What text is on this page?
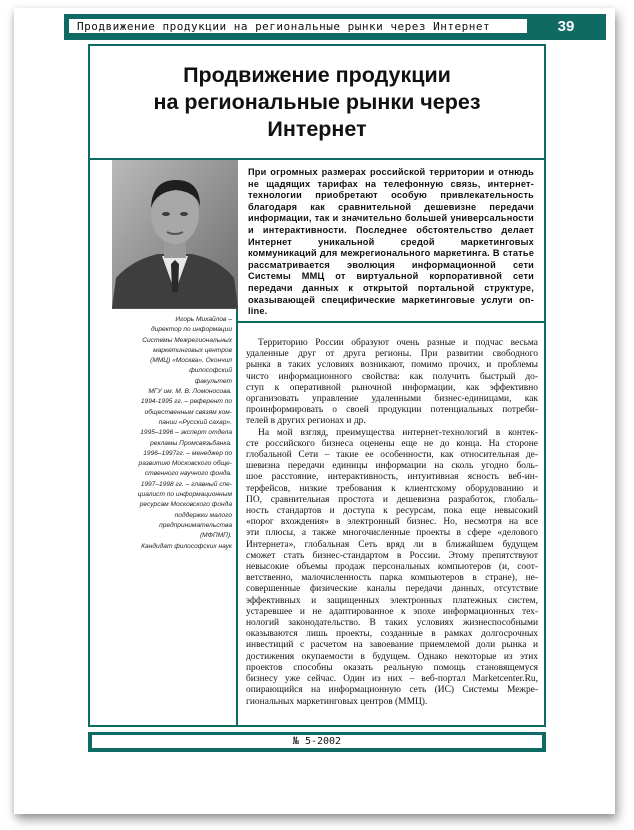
Продвижение продукции на региональные рынки через Интернет	39
Продвижение продукции
на региональные рынки через
Интернет
При огромных размерах российской территории и отнюдь не щадящих тарифах на телефонную связь, интернет-технологии приобретают особую привлекательность благодаря как сравнительной дешевизне передачи информации, так и значительно большей универсальности и интерактивности. Последнее обстоятельство делает Интернет уникальной средой маркетинговых коммуникаций для межрегионального маркетинга. В статье рассматривается эволюция информационной сети Системы ММЦ от виртуальной корпоративной сети передачи данных к открытой портальной структуре, оказывающей специфические маркетинговые услуги on-line.
Игорь Михайлов –
директор по информации
Системы Межрегиональных
маркетинговых центров
(ММЦ) «Москва». Окончил
философский
факультет
МГУ им. М. В. Ломоносова.
1994-1995 гг. – референт по
общественным связям ком-
пании «Русский сахар».
1995–1996 – эксперт отдела
рекламы Промсвязьбанка.
1996–1997гг. – менеджер по
развитию Московского обще-
ственного научного фонда.
1997–1998 гг. – главный спе-
циалист по информационным
ресурсам Московского фонда
поддержки малого
предпринимательства
(МФПМП).
Кандидат философских наук
Территорию России образуют очень разные и подчас весьма
удаленные друг от друга регионы. При развитии свободного
рынка в таких условиях возникают, помимо прочих, и проблемы
чисто информационного свойства: как получить быстрый до-
ступ к оперативной рыночной информации, как эффективно
организовать управление удаленными бизнес-единицами, как
проинформировать о своей продукции потенциальных потреби-
телей в других регионах и др.
На мой взгляд, преимущества интернет-технологий в контек-
сте российского бизнеса оценены еще не до конца. На стороне
глобальной Сети – такие ее особенности, как относительная де-
шевизна передачи единицы информации на сколь угодно боль-
шое расстояние, интерактивность, интуитивная ясность веб-ин-
терфейсов, низкие требования к клиентскому оборудованию и
ПО, сравнительная простота и дешевизна разработок, глобаль-
ность стандартов и доступа к ресурсам, пока еще невысокий
«порог вхождения» в электронный бизнес. Но, несмотря на все
эти плюсы, а также многочисленные проекты в сфере «делового
Интернета», глобальная Сеть вряд ли в ближайшем будущем
сможет стать бизнес-стандартом в России. Этому препятствуют
невысокие объемы продаж персональных компьютеров (и, соот-
ветственно, малочисленность парка компьютеров в стране), не-
совершенные физические каналы передачи данных, отсутствие
эффективных и защищенных электронных платежных систем,
устаревшее и не адаптированное к эпохе информационных тех-
нологий законодательство. В таких условиях жизнеспособными
оказываются лишь проекты, созданные в рамках долгосрочных
инвестиций с расчетом на завоевание приемлемой доли рынка и
достижения окупаемости в будущем. Однако некоторые из этих
проектов способны оказать реальную помощь становящемуся
бизнесу уже сейчас. Один из них – веб-портал Marketcenter.Ru,
опирающийся на информационную сеть (ИС) Системы Межре-
гиональных маркетинговых центров (ММЦ).
№ 5-2002
